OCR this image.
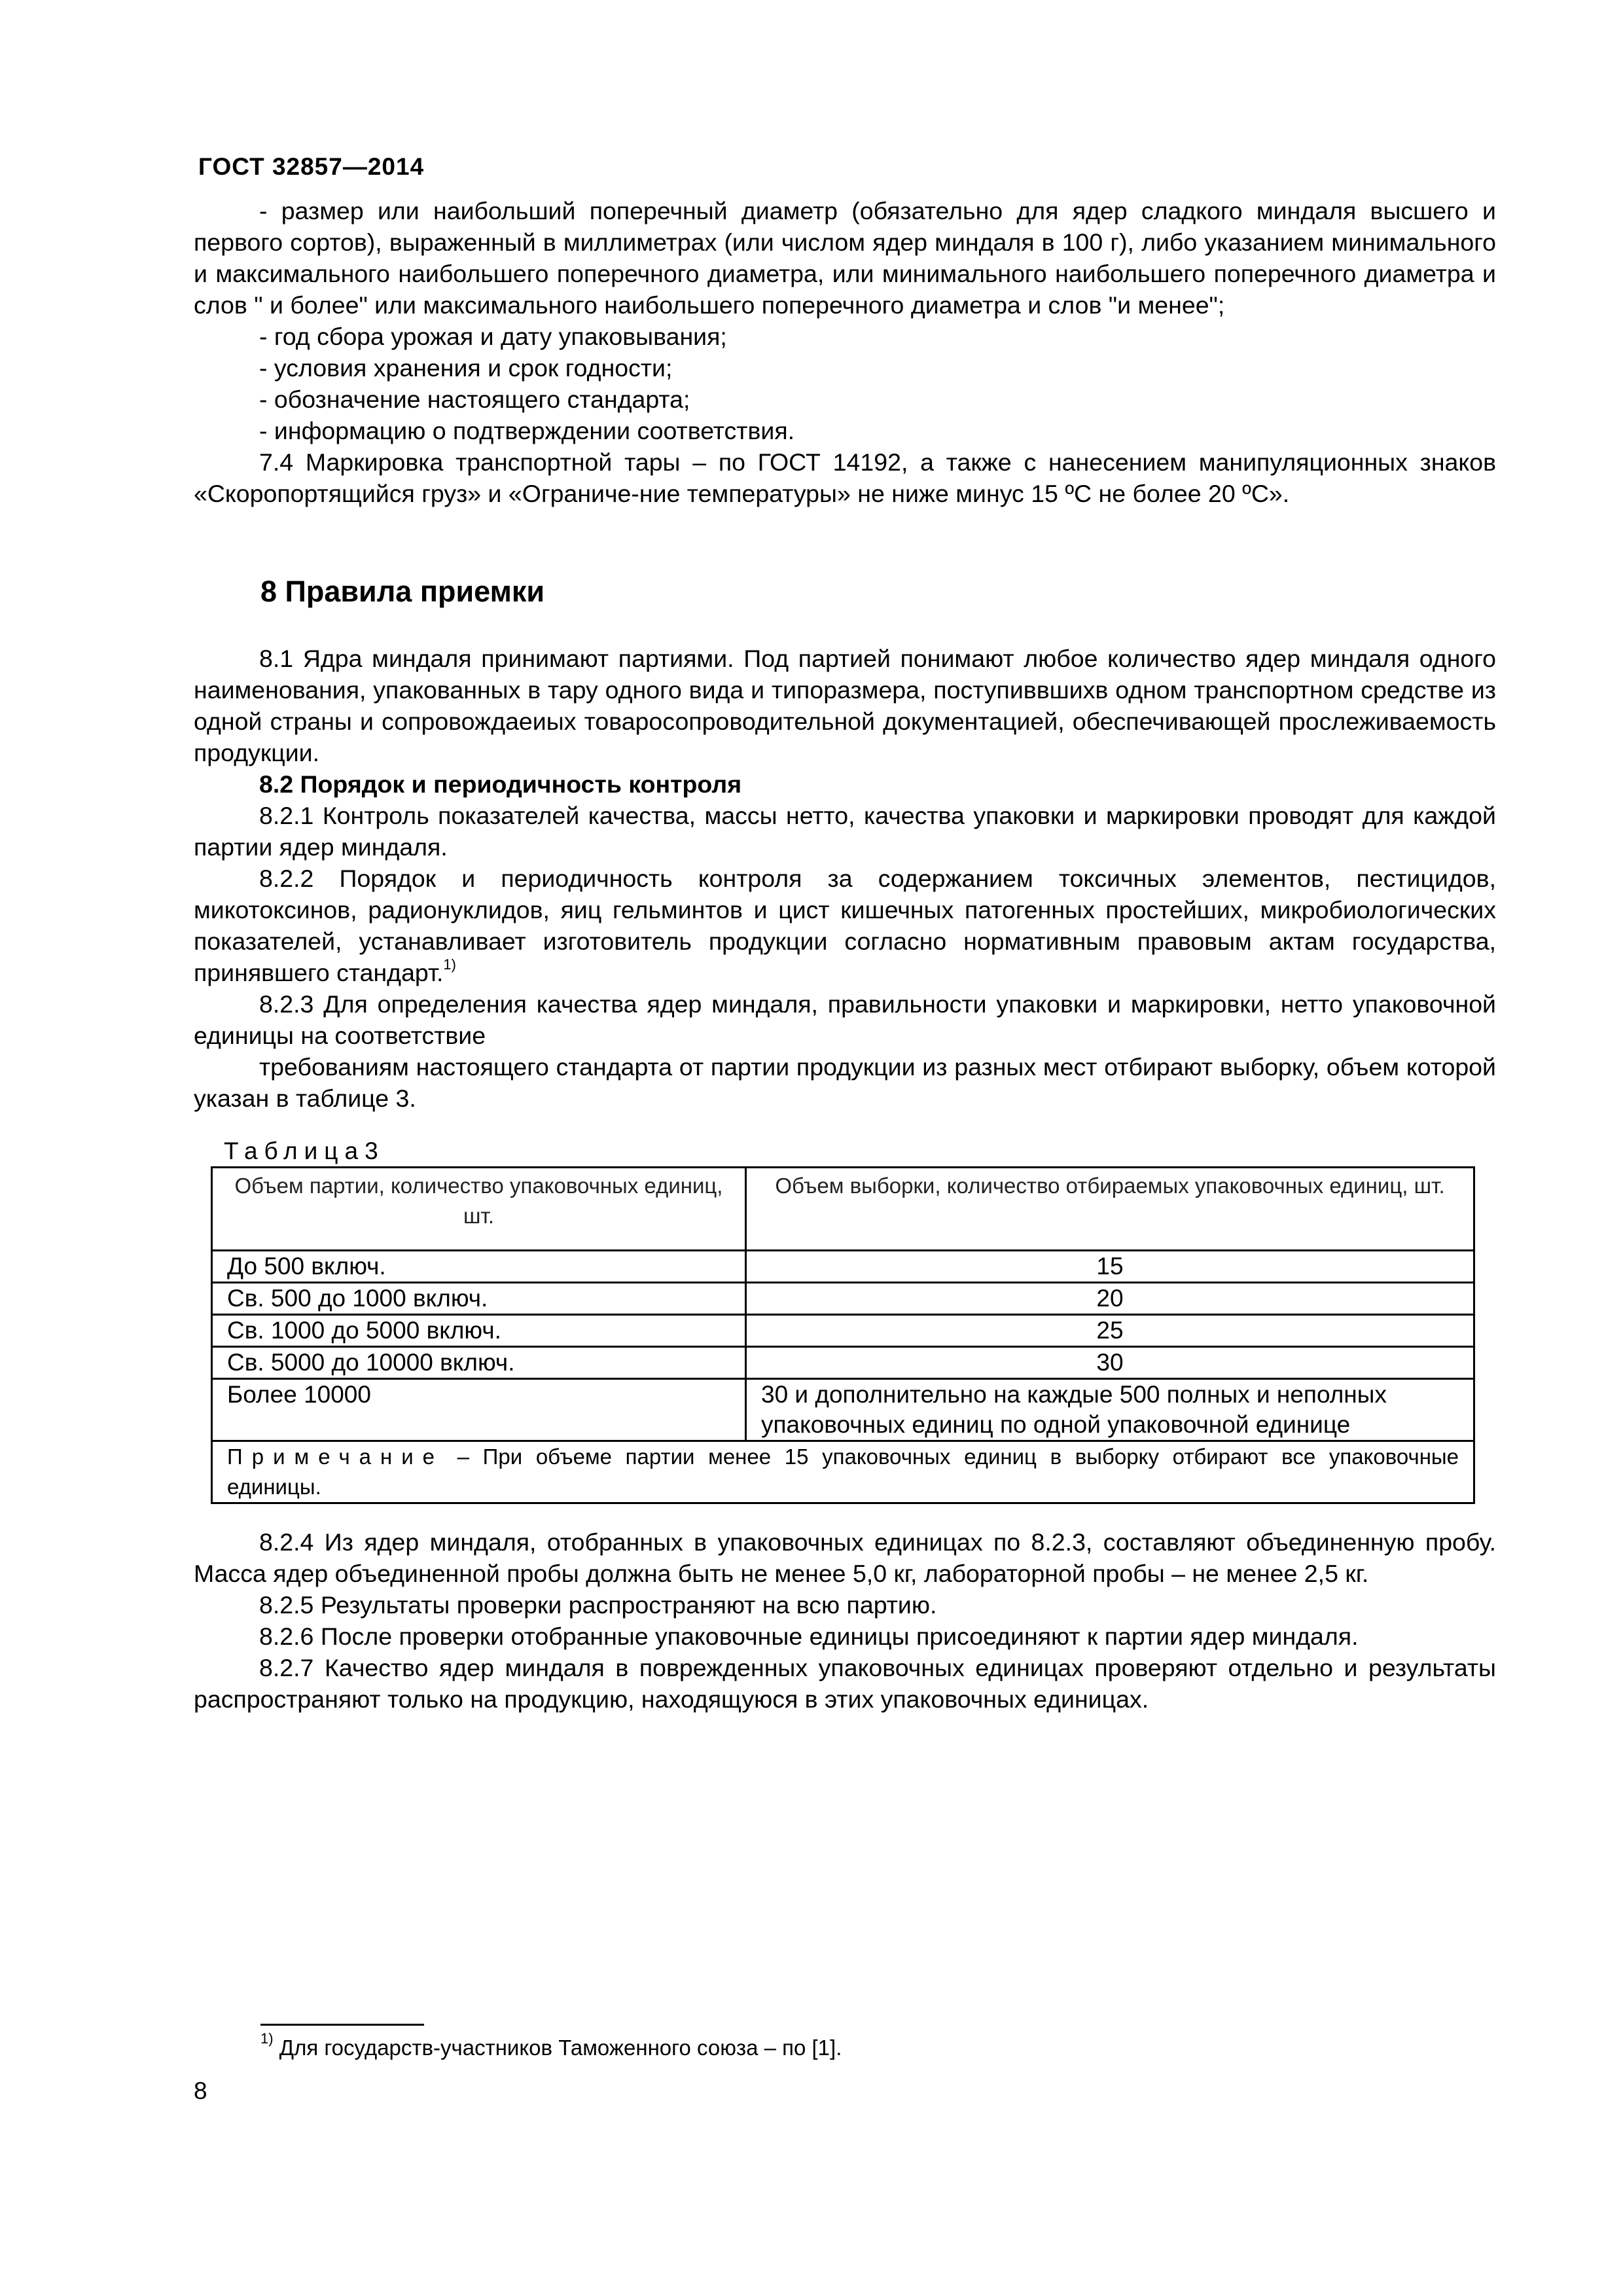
ГОСТ 32857—2014

- размер или наибольший поперечный диаметр (обязательно для ядер сладкого миндаля высшего и первого сортов), выраженный в миллиметрах (или числом ядер миндаля в 100 г), либо указанием минимального и максимального наибольшего поперечного диаметра, или минимального наибольшего поперечного диаметра и слов " и более" или максимального наибольшего поперечного диаметра и слов "и менее";

- год сбора урожая и дату упаковывания;

- условия хранения и срок годности;

- обозначение настоящего стандарта;

- информацию о подтверждении соответствия.

7.4 Маркировка транспортной тары – по ГОСТ 14192, а также с нанесением манипуляционных знаков «Скоропортящийся груз» и «Ограниче-ние температуры» не ниже минус 15 ºС не более 20 ºС».

8 Правила приемки

8.1 Ядра миндаля принимают партиями. Под партией понимают любое количество ядер миндаля одного наименования, упакованных в тару одного вида и типоразмера, поступиввшихв одном транспортном средстве из одной страны и сопровождаеиых товаросопроводительной документацией, обеспечивающей прослеживаемость продукции.

8.2 Порядок и периодичность контроля

8.2.1 Контроль показателей качества, массы нетто, качества упаковки и маркировки проводят для каждой партии ядер миндаля.

8.2.2 Порядок и периодичность контроля за содержанием токсичных элементов, пестицидов, микотоксинов, радионуклидов, яиц гельминтов и цист кишечных патогенных простейших, микробиологических показателей, устанавливает изготовитель продукции согласно нормативным правовым актам государства, принявшего стандарт.$^{1)}$

8.2.3 Для определения качества ядер миндаля, правильности упаковки и маркировки, нетто упаковочной единицы на соответствие

требованиям настоящего стандарта от партии продукции из разных мест отбирают выборку, объем которой указан в таблице 3.

Таблица3
Объем партии, количество упаковочных единиц, шт.	Объем выборки, количество отбираемых упаковочных единиц, шт.
До 500 включ.	15
Св. 500 до 1000 включ.	20
Св. 1000 до 5000 включ.	25
Св. 5000 до 10000 включ.	30
Более 10000	30 и дополнительно на каждые 500 полных и неполных упаковочных единиц по одной упаковочной единице
Примечание – При объеме партии менее 15 упаковочных единиц в выборку отбирают все упаковочные единицы.	

8.2.4 Из ядер миндаля, отобранных в упаковочных единицах по 8.2.3, составляют объединенную пробу. Масса ядер объединенной пробы должна быть не менее 5,0 кг, лабораторной пробы – не менее 2,5 кг.

8.2.5 Результаты проверки распространяют на всю партию.

8.2.6 После проверки отобранные упаковочные единицы присоединяют к партии ядер миндаля.

8.2.7 Качество ядер миндаля в поврежденных упаковочных единицах проверяют отдельно и результаты распространяют только на продукцию, находящуюся в этих упаковочных единицах.

$^{1)}$ Для государств-участников Таможенного союза – по [1].
8
